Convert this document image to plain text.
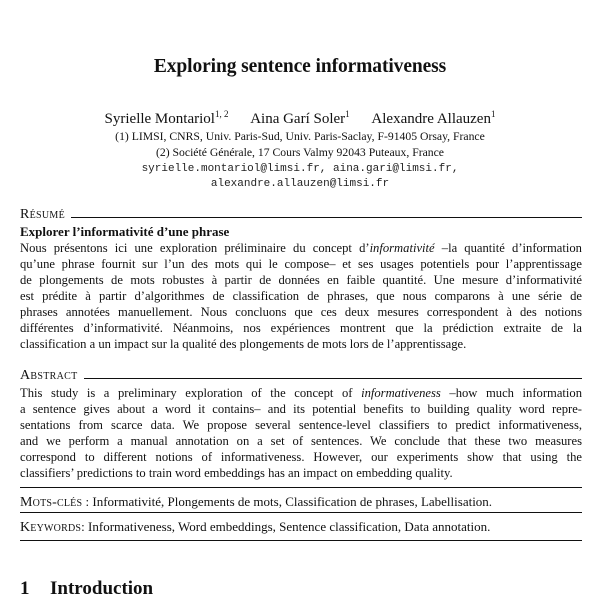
Exploring sentence informativeness
Syrielle Montariol$^{1, 2}$ Aina Garí Soler$^1$ Alexandre Allauzen$^1$
(1) LIMSI, CNRS, Univ. Paris-Sud, Univ. Paris-Saclay, F-91405 Orsay, France
(2) Société Générale, 17 Cours Valmy 92043 Puteaux, France
syrielle.montariol@limsi.fr, aina.gari@limsi.fr,
alexandre.allauzen@limsi.fr
Résumé
Explorer l’informativité d’une phrase
Nous présentons ici une exploration préliminaire du concept d’informativité –la quantité d’information
qu’une phrase fournit sur l’un des mots qui le compose– et ses usages potentiels pour l’apprentissage
de plongements de mots robustes à partir de données en faible quantité. Une mesure d’informativité
est prédite à partir d’algorithmes de classification de phrases, que nous comparons à une série de
phrases annotées manuellement. Nous concluons que ces deux mesures correspondent à des notions
différentes d’informativité. Néanmoins, nos expériences montrent que la prédiction extraite de la
classification a un impact sur la qualité des plongements de mots lors de l’apprentissage.
Abstract
This study is a preliminary exploration of the concept of informativeness –how much information
a sentence gives about a word it contains– and its potential benefits to building quality word repre-
sentations from scarce data. We propose several sentence-level classifiers to predict informativeness,
and we perform a manual annotation on a set of sentences. We conclude that these two measures
correspond to different notions of informativeness. However, our experiments show that using the
classifiers’ predictions to train word embeddings has an impact on embedding quality.
Mots-clés : Informativité, Plongements de mots, Classification de phrases, Labellisation.
Keywords: Informativeness, Word embeddings, Sentence classification, Data annotation.
1 Introduction
